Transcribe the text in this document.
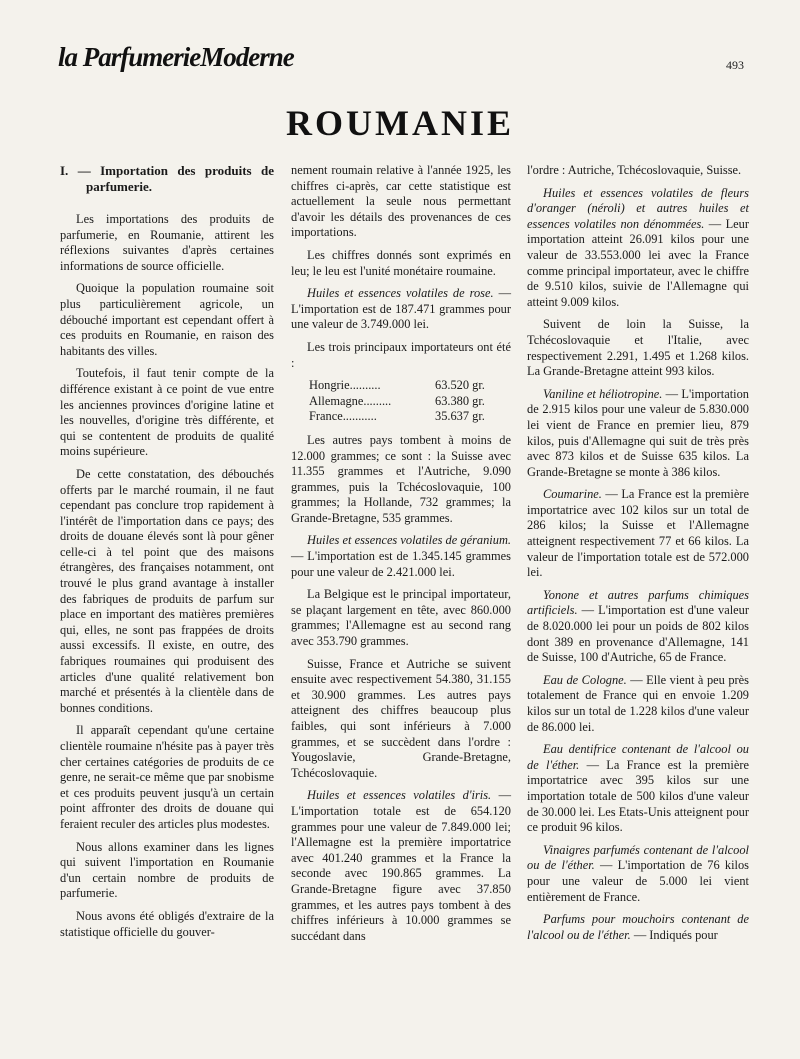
la ParfumerieModerne	493
ROUMANIE
I. — Importation des produits de parfumerie.

Les importations des produits de parfumerie, en Roumanie, attirent les réflexions suivantes d'après certaines informations de source officielle.

Quoique la population roumaine soit plus particulièrement agricole, un débouché important est cependant offert à ces produits en Roumanie, en raison des habitants des villes.

Toutefois, il faut tenir compte de la différence existant à ce point de vue entre les anciennes provinces d'origine latine et les nouvelles, d'origine très différente, et qui se contentent de produits de qualité moins supérieure.

De cette constatation, des débouchés offerts par le marché roumain, il ne faut cependant pas conclure trop rapidement à l'intérêt de l'importation dans ce pays; des droits de douane élevés sont là pour gêner celle-ci à tel point que des maisons étrangères, des françaises notamment, ont trouvé le plus grand avantage à installer des fabriques de produits de parfum sur place en important des matières premières qui, elles, ne sont pas frappées de droits aussi excessifs. Il existe, en outre, des fabriques roumaines qui produisent des articles d'une qualité relativement bon marché et présentés à la clientèle dans de bonnes conditions.

Il apparaît cependant qu'une certaine clientèle roumaine n'hésite pas à payer très cher certaines catégories de produits de ce genre, ne serait-ce même que par snobisme et ces produits peuvent jusqu'à un certain point affronter des droits de douane qui feraient reculer des articles plus modestes.

Nous allons examiner dans les lignes qui suivent l'importation en Roumanie d'un certain nombre de produits de parfumerie.

Nous avons été obligés d'extraire de la statistique officielle du gouver-

nement roumain relative à l'année 1925, les chiffres ci-après, car cette statistique est actuellement la seule nous permettant d'avoir les détails des provenances de ces importations.

Les chiffres donnés sont exprimés en leu; le leu est l'unité monétaire roumaine.

Huiles et essences volatiles de rose. — L'importation est de 187.471 grammes pour une valeur de 3.749.000 lei.

Les trois principaux importateurs ont été :

Hongrie..........	63.520 gr.
Allemagne.........	63.380 gr.
France...........	35.637 gr.

Les autres pays tombent à moins de 12.000 grammes; ce sont : la Suisse avec 11.355 grammes et l'Autriche, 9.090 grammes, puis la Tchécoslovaquie, 100 grammes; la Hollande, 732 grammes; la Grande-Bretagne, 535 grammes.

Huiles et essences volatiles de géranium. — L'importation est de 1.345.145 grammes pour une valeur de 2.421.000 lei.

La Belgique est le principal importateur, se plaçant largement en tête, avec 860.000 grammes; l'Allemagne est au second rang avec 353.790 grammes.

Suisse, France et Autriche se suivent ensuite avec respectivement 54.380, 31.155 et 30.900 grammes. Les autres pays atteignent des chiffres beaucoup plus faibles, qui sont inférieurs à 7.000 grammes, et se succèdent dans l'ordre : Yougoslavie, Grande-Bretagne, Tchécoslovaquie.

Huiles et essences volatiles d'iris. — L'importation totale est de 654.120 grammes pour une valeur de 7.849.000 lei; l'Allemagne est la première importatrice avec 401.240 grammes et la France la seconde avec 190.865 grammes. La Grande-Bretagne figure avec 37.850 grammes, et les autres pays tombent à des chiffres inférieurs à 10.000 grammes se succédant dans

l'ordre : Autriche, Tchécoslovaquie, Suisse.

Huiles et essences volatiles de fleurs d'oranger (néroli) et autres huiles et essences volatiles non dénommées. — Leur importation atteint 26.091 kilos pour une valeur de 33.553.000 lei avec la France comme principal importateur, avec le chiffre de 9.510 kilos, suivie de l'Allemagne qui atteint 9.009 kilos.

Suivent de loin la Suisse, la Tchécoslovaquie et l'Italie, avec respectivement 2.291, 1.495 et 1.268 kilos. La Grande-Bretagne atteint 993 kilos.

Vaniline et héliotropine. — L'importation de 2.915 kilos pour une valeur de 5.830.000 lei vient de France en premier lieu, 879 kilos, puis d'Allemagne qui suit de très près avec 873 kilos et de Suisse 635 kilos. La Grande-Bretagne se monte à 386 kilos.

Coumarine. — La France est la première importatrice avec 102 kilos sur un total de 286 kilos; la Suisse et l'Allemagne atteignent respectivement 77 et 66 kilos. La valeur de l'importation totale est de 572.000 lei.

Yonone et autres parfums chimiques artificiels. — L'importation est d'une valeur de 8.020.000 lei pour un poids de 802 kilos dont 389 en provenance d'Allemagne, 141 de Suisse, 100 d'Autriche, 65 de France.

Eau de Cologne. — Elle vient à peu près totalement de France qui en envoie 1.209 kilos sur un total de 1.228 kilos d'une valeur de 86.000 lei.

Eau dentifrice contenant de l'alcool ou de l'éther. — La France est la première importatrice avec 395 kilos sur une importation totale de 500 kilos d'une valeur de 30.000 lei. Les Etats-Unis atteignent pour ce produit 96 kilos.

Vinaigres parfumés contenant de l'alcool ou de l'éther. — L'importation de 76 kilos pour une valeur de 5.000 lei vient entièrement de France.

Parfums pour mouchoirs contenant de l'alcool ou de l'éther. — Indiqués pour
